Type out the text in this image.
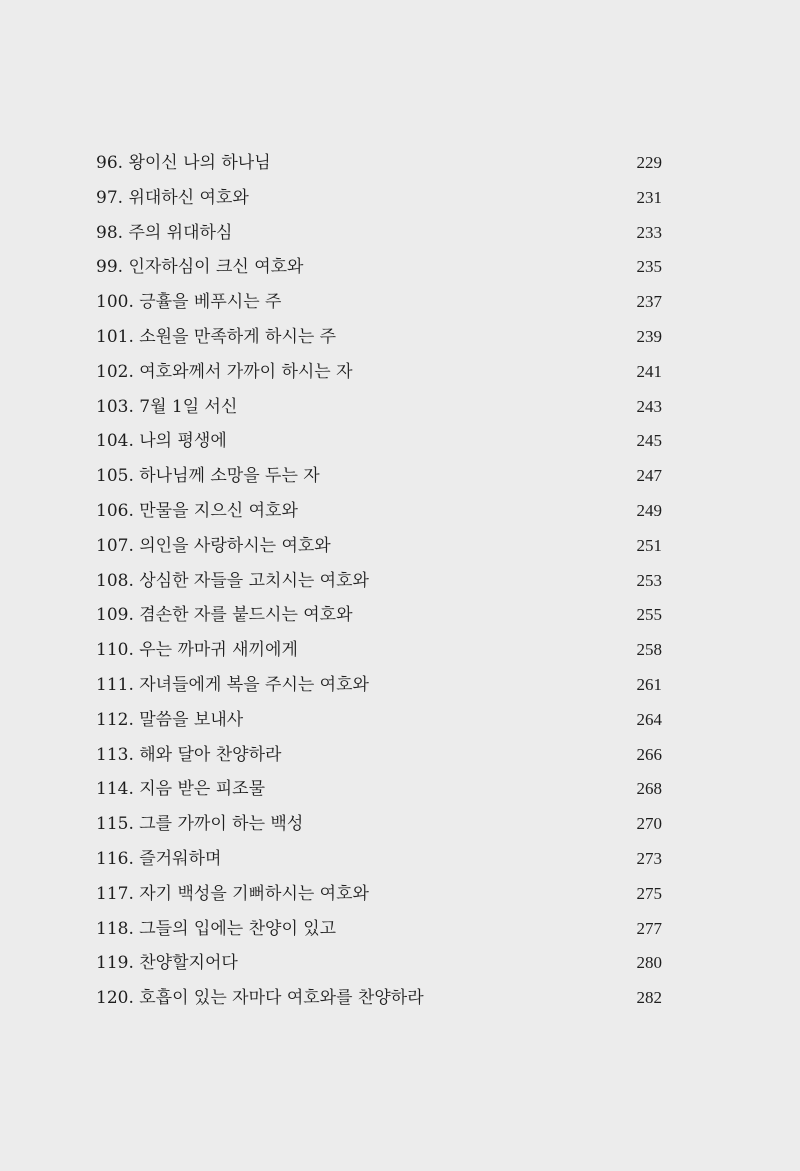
96. 왕이신 나의 하나님	229
97. 위대하신 여호와	231
98. 주의 위대하심	233
99. 인자하심이 크신 여호와	235
100. 긍휼을 베푸시는 주	237
101. 소원을 만족하게 하시는 주	239
102. 여호와께서 가까이 하시는 자	241
103. 7월 1일 서신	243
104. 나의 평생에	245
105. 하나님께 소망을 두는 자	247
106. 만물을 지으신 여호와	249
107. 의인을 사랑하시는 여호와	251
108. 상심한 자들을 고치시는 여호와	253
109. 겸손한 자를 붙드시는 여호와	255
110. 우는 까마귀 새끼에게	258
111. 자녀들에게 복을 주시는 여호와	261
112. 말씀을 보내사	264
113. 해와 달아 찬양하라	266
114. 지음 받은 피조물	268
115. 그를 가까이 하는 백성	270
116. 즐거워하며	273
117. 자기 백성을 기뻐하시는 여호와	275
118. 그들의 입에는 찬양이 있고	277
119. 찬양할지어다	280
120. 호흡이 있는 자마다 여호와를 찬양하라	282
